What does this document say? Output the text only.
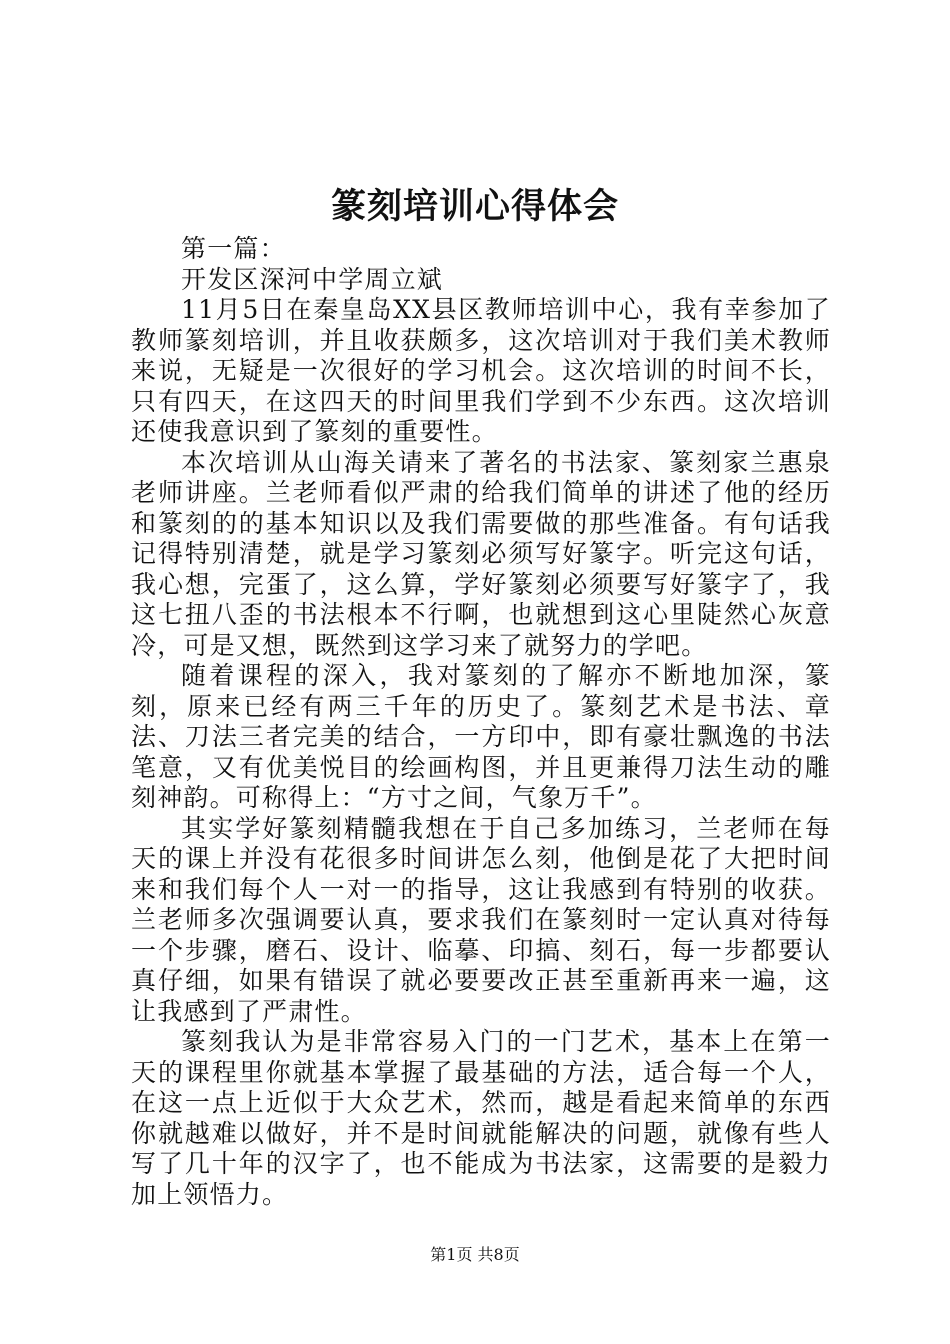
篆刻培训心得体会

第一篇：

开发区深河中学周立斌

11月5日在秦皇岛XX县区教师培训中心，我有幸参加了教师篆刻培训，并且收获颇多，这次培训对于我们美术教师来说，无疑是一次很好的学习机会。这次培训的时间不长，只有四天，在这四天的时间里我们学到不少东西。这次培训还使我意识到了篆刻的重要性。

本次培训从山海关请来了著名的书法家、篆刻家兰惠泉老师讲座。兰老师看似严肃的给我们简单的讲述了他的经历和篆刻的的基本知识以及我们需要做的那些准备。有句话我记得特别清楚，就是学习篆刻必须写好篆字。听完这句话，我心想，完蛋了，这么算，学好篆刻必须要写好篆字了，我这七扭八歪的书法根本不行啊，也就想到这心里陡然心灰意冷，可是又想，既然到这学习来了就努力的学吧。

随着课程的深入，我对篆刻的了解亦不断地加深，篆刻，原来已经有两三千年的历史了。篆刻艺术是书法、章法、刀法三者完美的结合，一方印中，即有豪壮飘逸的书法笔意，又有优美悦目的绘画构图，并且更兼得刀法生动的雕刻神韵。可称得上：“方寸之间，气象万千”。

其实学好篆刻精髓我想在于自己多加练习，兰老师在每天的课上并没有花很多时间讲怎么刻，他倒是花了大把时间来和我们每个人一对一的指导，这让我感到有特别的收获。兰老师多次强调要认真，要求我们在篆刻时一定认真对待每一个步骤，磨石、设计、临摹、印搞、刻石，每一步都要认真仔细，如果有错误了就必要要改正甚至重新再来一遍，这让我感到了严肃性。

篆刻我认为是非常容易入门的一门艺术，基本上在第一天的课程里你就基本掌握了最基础的方法，适合每一个人，在这一点上近似于大众艺术，然而，越是看起来简单的东西你就越难以做好，并不是时间就能解决的问题，就像有些人写了几十年的汉字了，也不能成为书法家，这需要的是毅力加上领悟力。

第1页 共8页
